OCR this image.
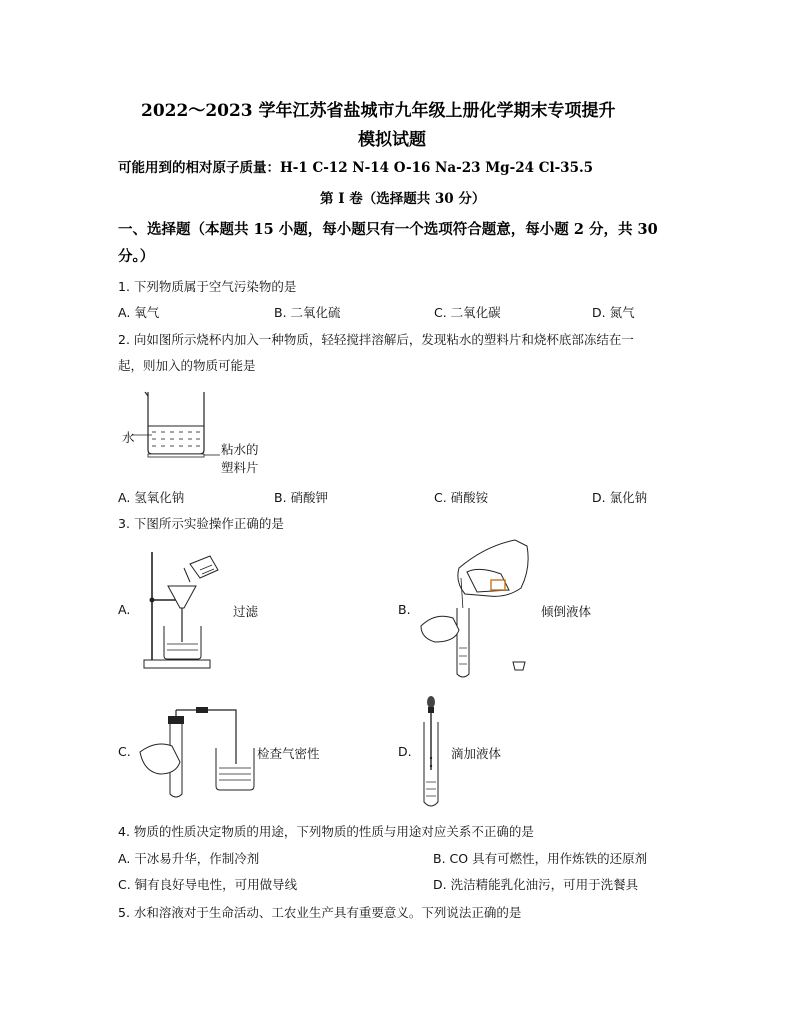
2022～2023 学年江苏省盐城市九年级上册化学期末专项提升
模拟试题
可能用到的相对原子质量：H-1 C-12 N-14 O-16 Na-23 Mg-24 Cl-35.5
第 I 卷（选择题共 30 分）
一、选择题（本题共 15 小题，每小题只有一个选项符合题意，每小题 2 分，共 30
分。）
1. 下列物质属于空气污染物的是
A. 氧气	B. 二氧化硫	C. 二氧化碳	D. 氮气
2. 向如图所示烧杯内加入一种物质，轻轻搅拌溶解后，发现粘水的塑料片和烧杯底部冻结在一
起，则加入的物质可能是
水
粘水的
塑料片
A. 氢氧化钠	B. 硝酸钾	C. 硝酸铵	D. 氯化钠
3. 下图所示实验操作正确的是
A.	过滤	B.	倾倒液体
C.	检查气密性	D.	滴加液体
4. 物质的性质决定物质的用途，下列物质的性质与用途对应关系不正确的是
A. 干冰易升华，作制冷剂	B. CO 具有可燃性，用作炼铁的还原剂
C. 铜有良好导电性，可用做导线	D. 洗洁精能乳化油污，可用于洗餐具
5. 水和溶液对于生命活动、工农业生产具有重要意义。下列说法正确的是
